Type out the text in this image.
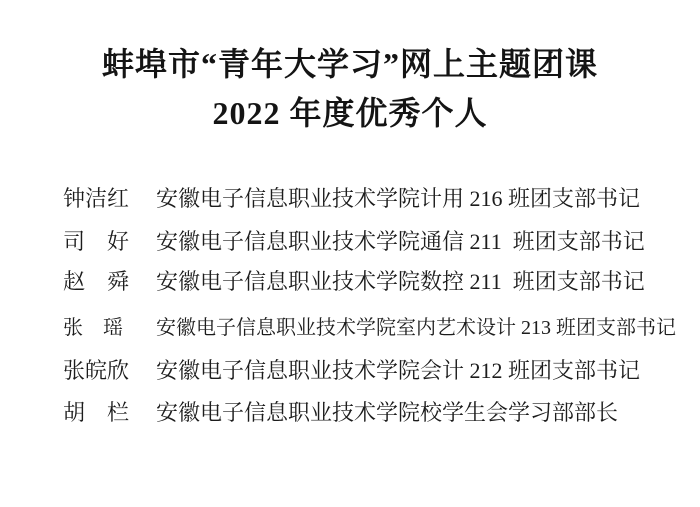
蚌埠市“青年大学习”网上主题团课
2022 年度优秀个人
钟洁红 安徽电子信息职业技术学院计用 216 班团支部书记
司　好 安徽电子信息职业技术学院通信 211  班团支部书记
赵　舜 安徽电子信息职业技术学院数控 211  班团支部书记
张　瑶 安徽电子信息职业技术学院室内艺术设计 213 班团支部书记
张皖欣 安徽电子信息职业技术学院会计 212 班团支部书记
胡　栏 安徽电子信息职业技术学院校学生会学习部部长
